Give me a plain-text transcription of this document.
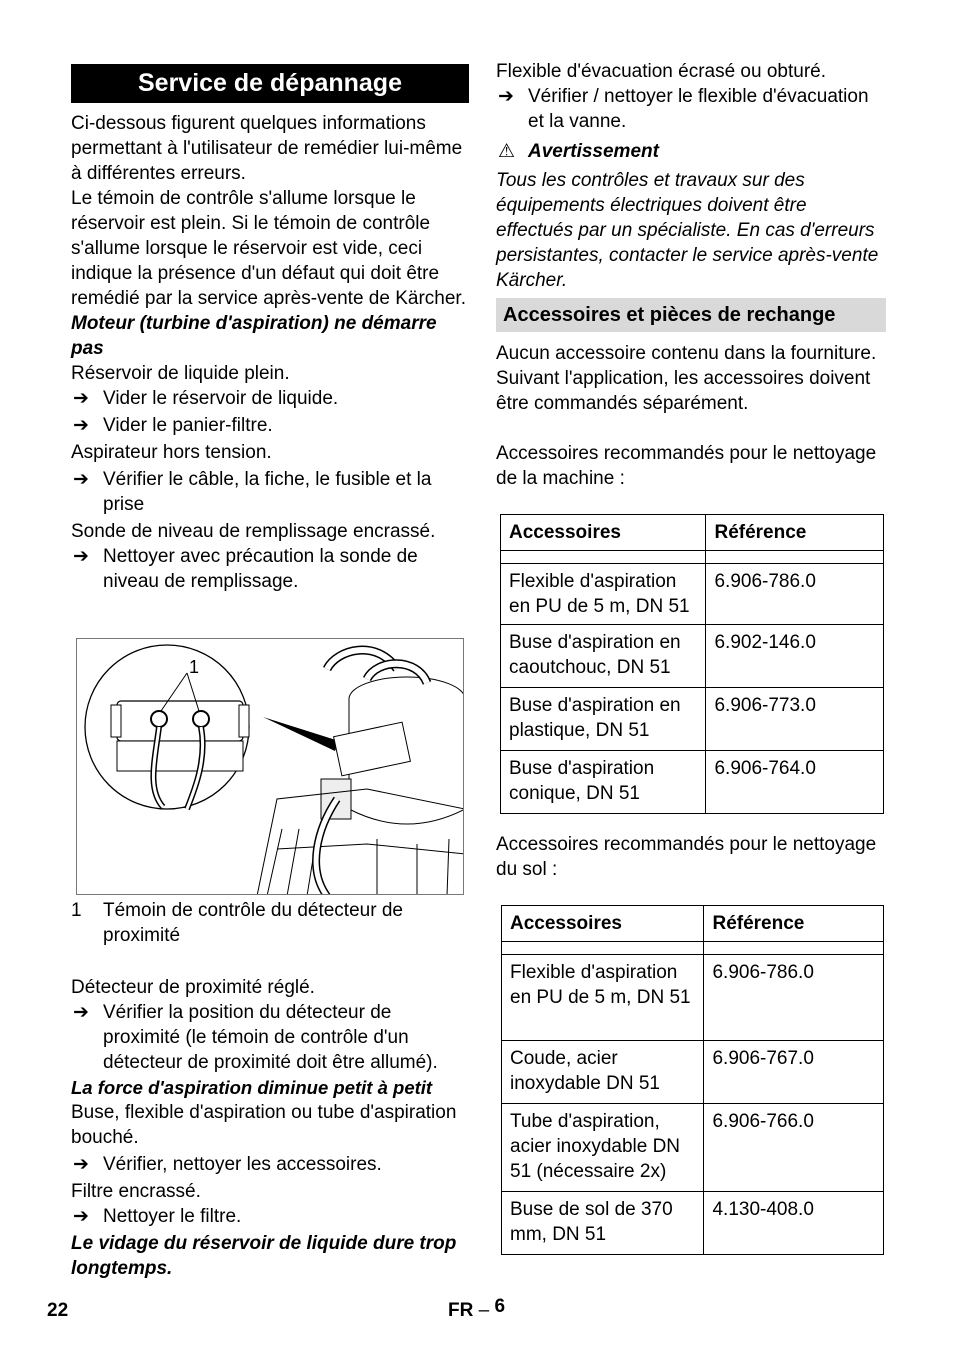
Service de dépannage

Ci-dessous figurent quelques informations permettant à l'utilisateur de remédier lui-même à différentes erreurs.

Le témoin de contrôle s'allume lorsque le réservoir est plein. Si le témoin de contrôle s'allume lorsque le réservoir est vide, ceci indique la présence d'un défaut qui doit être remédié par la service après-vente de Kärcher.

Moteur (turbine d'aspiration) ne démarre pas

Réservoir de liquide plein.

➔ Vider le réservoir de liquide.
➔ Vider le panier-filtre.

Aspirateur hors tension.

➔ Vérifier le câble, la fiche, le fusible et la prise

Sonde de niveau de remplissage encrassé.

➔ Nettoyer avec précaution la sonde de niveau de remplissage.
1
1 Témoin de contrôle du détecteur de proximité

Détecteur de proximité réglé.

➔ Vérifier la position du détecteur de proximité (le témoin de contrôle d'un détecteur de proximité doit être allumé).

La force d'aspiration diminue petit à petit

Buse, flexible d'aspiration ou tube d'aspiration bouché.

➔ Vérifier, nettoyer les accessoires.

Filtre encrassé.

➔ Nettoyer le filtre.

Le vidage du réservoir de liquide dure trop longtemps.

Flexible d'évacuation écrasé ou obturé.

➔ Vérifier / nettoyer le flexible d'évacuation et la vanne.
⚠ Avertissement

Tous les contrôles et travaux sur des équipements électriques doivent être effectués par un spécialiste. En cas d'erreurs persistantes, contacter le service après-vente Kärcher.

Accessoires et pièces de rechange

Aucun accessoire contenu dans la fourniture. Suivant l'application, les accessoires doivent être commandés séparément.

Accessoires recommandés pour le nettoyage de la machine :

Accessoires	Référence

Flexible d'aspiration en PU de 5 m, DN 51	6.906-786.0
Buse d'aspiration en caoutchouc, DN 51	6.902-146.0
Buse d'aspiration en plastique, DN 51	6.906-773.0
Buse d'aspiration conique, DN 51	6.906-764.0

Accessoires recommandés pour le nettoyage du sol :

Accessoires	Référence

Flexible d'aspiration en PU de 5 m, DN 51	6.906-786.0
Coude, acier inoxydable DN 51	6.906-767.0
Tube d'aspiration, acier inoxydable DN 51 (nécessaire 2x)	6.906-766.0
Buse de sol de 370 mm, DN 51	4.130-408.0
22	FR – 6
